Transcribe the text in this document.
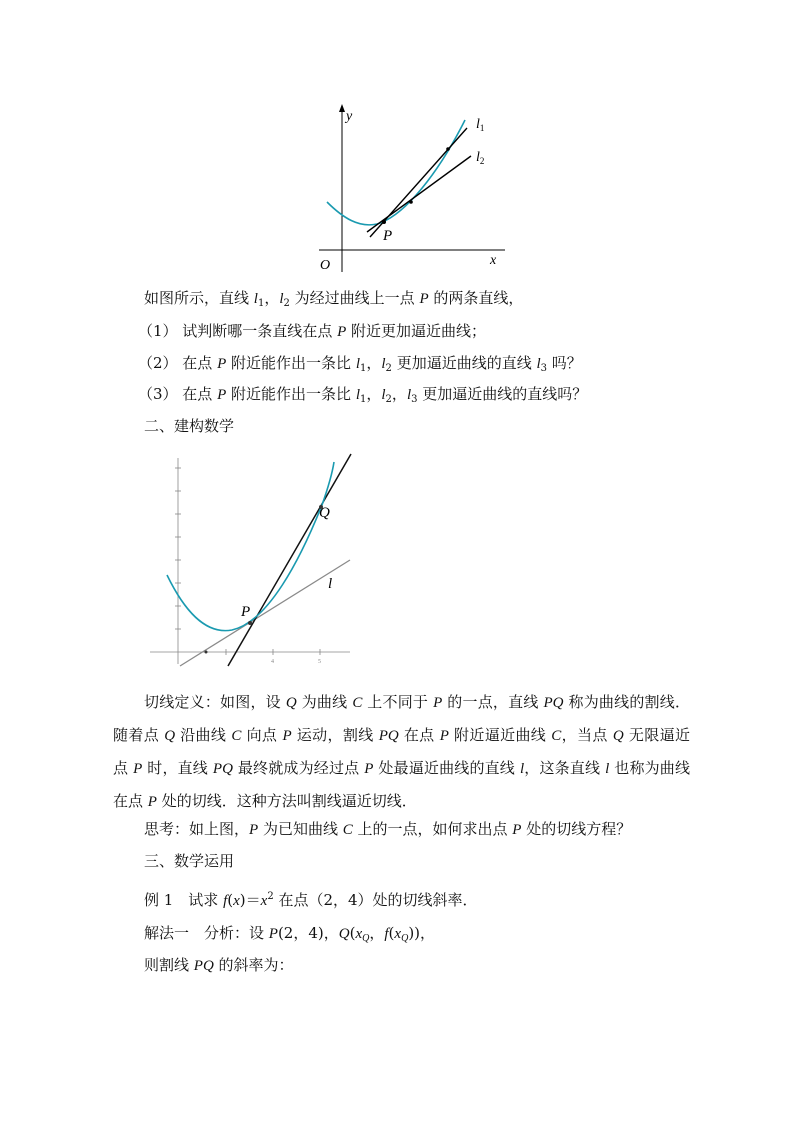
y
x
O
P
$l_1$
$l_2$
如图所示，直线 $l_1$，$l_2$ 为经过曲线上一点 P 的两条直线，
（1） 试判断哪一条直线在点 P 附近更加逼近曲线；
（2） 在点 P 附近能作出一条比 $l_1$，$l_2$ 更加逼近曲线的直线 $l_3$ 吗？
（3） 在点 P 附近能作出一条比 $l_1$，$l_2$，$l_3$ 更加逼近曲线的直线吗？
二、建构数学
4	5
P
Q
l
切线定义：如图，设 Q 为曲线 C 上不同于 P 的一点，直线 PQ 称为曲线的割线．随着点 Q 沿曲线 C 向点 P 运动，割线 PQ 在点 P 附近逼近曲线 C，当点 Q 无限逼近点 P 时，直线 PQ 最终就成为经过点 P 处最逼近曲线的直线 l，这条直线 l 也称为曲线在点 P 处的切线．这种方法叫割线逼近切线．
思考：如上图，P 为已知曲线 C 上的一点，如何求出点 P 处的切线方程？
三、数学运用
例 1　试求 $f(x)=x^2$ 在点（2，4）处的切线斜率．
解法一　分析：设 P(2，4)，$Q(x_Q$，$f(x_Q)$)，
则割线 PQ 的斜率为：
